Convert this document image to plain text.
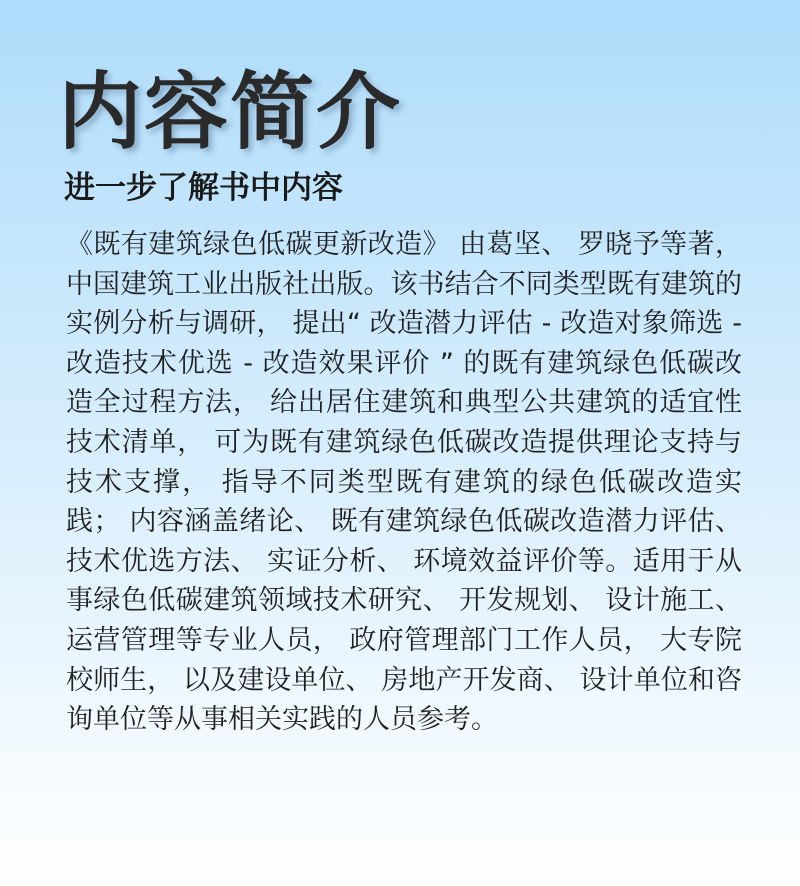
内容简介
进一步了解书中内容

《既有建筑绿色低碳更新改造》 由葛坚、 罗晓予等著， 中国建筑工业出版社出版。该书结合不同类型既有建筑的实例分析与调研， 提出“ 改造潜力评估 - 改造对象筛选 - 改造技术优选 - 改造效果评价 ” 的既有建筑绿色低碳改造全过程方法， 给出居住建筑和典型公共建筑的适宜性技术清单， 可为既有建筑绿色低碳改造提供理论支持与技术支撑， 指导不同类型既有建筑的绿色低碳改造实践； 内容涵盖绪论、 既有建筑绿色低碳改造潜力评估、 技术优选方法、 实证分析、 环境效益评价等。适用于从事绿色低碳建筑领域技术研究、 开发规划、 设计施工、 运营管理等专业人员， 政府管理部门工作人员， 大专院校师生， 以及建设单位、 房地产开发商、 设计单位和咨询单位等从事相关实践的人员参考。
